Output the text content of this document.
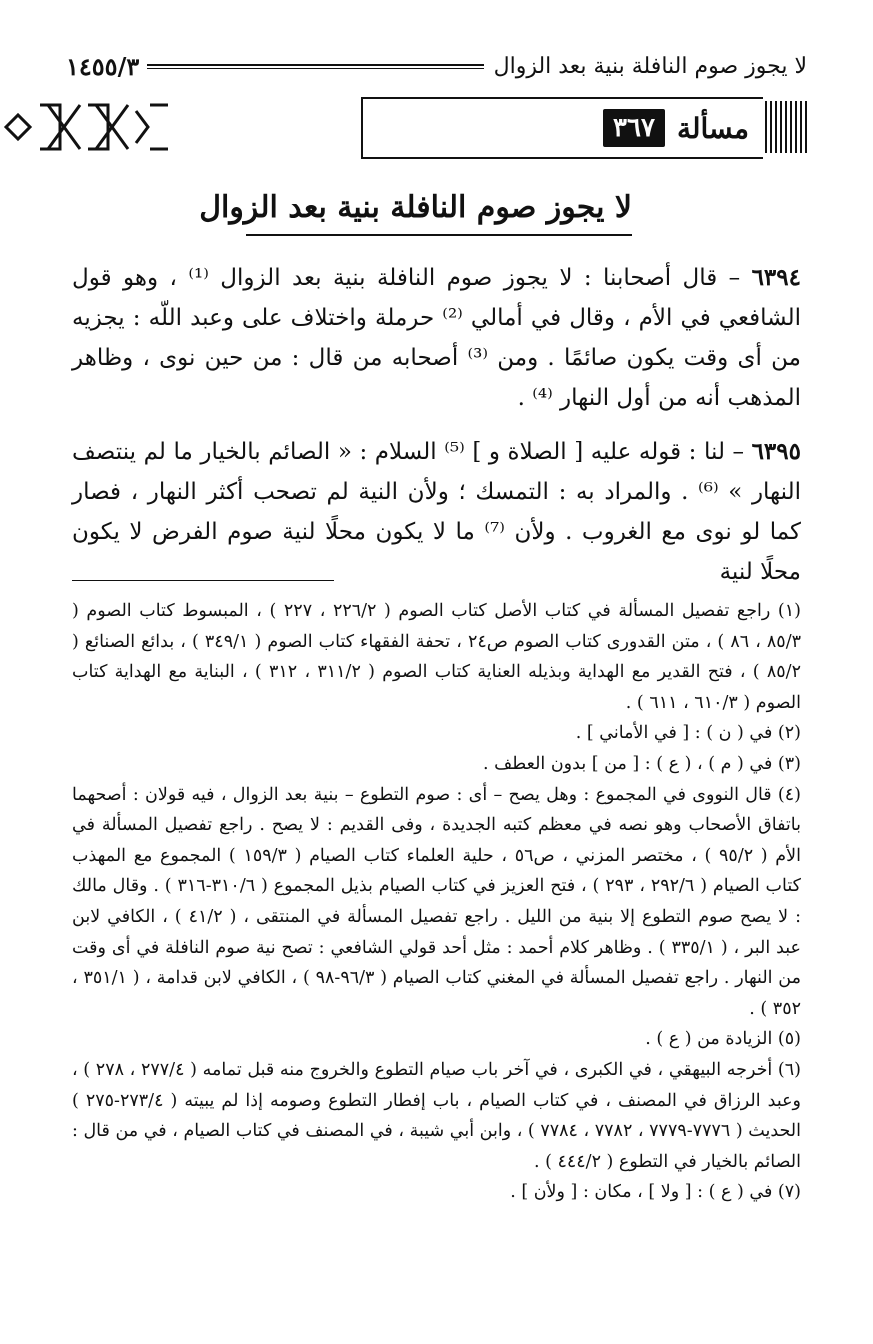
لا يجوز صوم النافلة بنية بعد الزوال
١٤٥٥/٣
مسألة
٣٦٧
لا يجوز صوم النافلة بنية بعد الزوال

٦٣٩٤ – قال أصحابنا : لا يجوز صوم النافلة بنية بعد الزوال ⁽¹⁾ ، وهو قول الشافعي في الأم ، وقال في أمالي ⁽²⁾ حرملة واختلاف على وعبد اللّه : يجزيه من أى وقت يكون صائمًا . ومن ⁽³⁾ أصحابه من قال : من حين نوى ، وظاهر المذهب أنه من أول النهار ⁽⁴⁾ .

٦٣٩٥ – لنا : قوله عليه [ الصلاة و ] ⁽⁵⁾ السلام : « الصائم بالخيار ما لم ينتصف النهار » ⁽⁶⁾ . والمراد به : التمسك ؛ ولأن النية لم تصحب أكثر النهار ، فصار كما لو نوى مع الغروب . ولأن ⁽⁷⁾ ما لا يكون محلًا لنية صوم الفرض لا يكون محلًا لنية

(١) راجع تفصيل المسألة في كتاب الأصل كتاب الصوم ( ٢٢٦/٢ ، ٢٢٧ ) ، المبسوط كتاب الصوم ( ٨٥/٣ ، ٨٦ ) ، متن القدورى كتاب الصوم ص٢٤ ، تحفة الفقهاء كتاب الصوم ( ٣٤٩/١ ) ، بدائع الصنائع ( ٨٥/٢ ) ، فتح القدير مع الهداية وبذيله العناية كتاب الصوم ( ٣١١/٢ ، ٣١٢ ) ، البناية مع الهداية كتاب الصوم ( ٦١٠/٣ ، ٦١١ ) .

(٢) في ( ن ) : [ في الأماني ] .

(٣) في ( م ) ، ( ع ) : [ من ] بدون العطف .

(٤) قال النووى في المجموع : وهل يصح – أى : صوم التطوع – بنية بعد الزوال ، فيه قولان : أصحهما باتفاق الأصحاب وهو نصه في معظم كتبه الجديدة ، وفى القديم : لا يصح . راجع تفصيل المسألة في الأم ( ٩٥/٢ ) ، مختصر المزني ، ص٥٦ ، حلية العلماء كتاب الصيام ( ١٥٩/٣ ) المجموع مع المهذب كتاب الصيام ( ٢٩٢/٦ ، ٢٩٣ ) ، فتح العزيز في كتاب الصيام بذيل المجموع ( ٣١٠/٦-٣١٦ ) . وقال مالك : لا يصح صوم التطوع إلا بنية من الليل . راجع تفصيل المسألة في المنتقى ، ( ٤١/٢ ) ، الكافي لابن عبد البر ، ( ٣٣٥/١ ) . وظاهر كلام أحمد : مثل أحد قولي الشافعي : تصح نية صوم النافلة في أى وقت من النهار . راجع تفصيل المسألة في المغني كتاب الصيام ( ٩٦/٣-٩٨ ) ، الكافي لابن قدامة ، ( ٣٥١/١ ، ٣٥٢ ) .

(٥) الزيادة من ( ع ) .

(٦) أخرجه البيهقي ، في الكبرى ، في آخر باب صيام التطوع والخروج منه قبل تمامه ( ٢٧٧/٤ ، ٢٧٨ ) ، وعبد الرزاق في المصنف ، في كتاب الصيام ، باب إفطار التطوع وصومه إذا لم يبيته ( ٢٧٣/٤-٢٧٥ ) الحديث ( ٧٧٧٦-٧٧٧٩ ، ٧٧٨٢ ، ٧٧٨٤ ) ، وابن أبي شيبة ، في المصنف في كتاب الصيام ، في من قال : الصائم بالخيار في التطوع ( ٤٤٤/٢ ) .

(٧) في ( ع ) : [ ولا ] ، مكان : [ ولأن ] .
